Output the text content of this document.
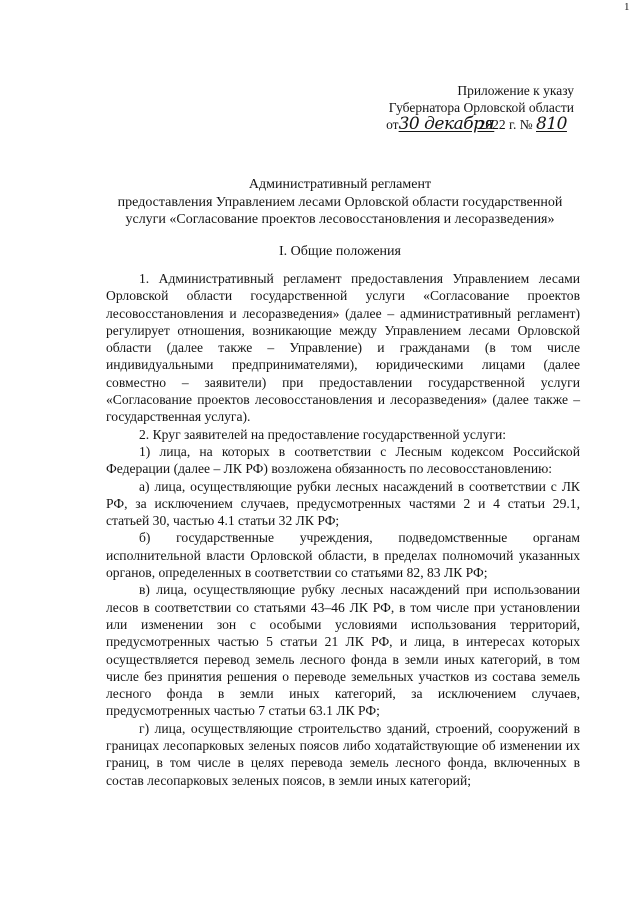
1
Приложение к указу
Губернатора Орловской области
от30 декабря2022 г. № 810
Административный регламент
предоставления Управлением лесами Орловской области государственной
услуги «Согласование проектов лесовосстановления и лесоразведения»
I. Общие положения

1. Административный регламент предоставления Управлением лесами Орловской области государственной услуги «Согласование проектов лесовосстановления и лесоразведения» (далее – административный регламент) регулирует отношения, возникающие между Управлением лесами Орловской области (далее также – Управление) и гражданами (в том числе индивидуальными предпринимателями), юридическими лицами (далее совместно – заявители) при предоставлении государственной услуги «Согласование проектов лесовосстановления и лесоразведения» (далее также – государственная услуга).

2. Круг заявителей на предоставление государственной услуги:

1) лица, на которых в соответствии с Лесным кодексом Российской Федерации (далее – ЛК РФ) возложена обязанность по лесовосстановлению:

а) лица, осуществляющие рубки лесных насаждений в соответствии с ЛК РФ, за исключением случаев, предусмотренных частями 2 и 4 статьи 29.1, статьей 30, частью 4.1 статьи 32 ЛК РФ;

б) государственные учреждения, подведомственные органам исполнительной власти Орловской области, в пределах полномочий указанных органов, определенных в соответствии со статьями 82, 83 ЛК РФ;

в) лица, осуществляющие рубку лесных насаждений при использовании лесов в соответствии со статьями 43–46 ЛК РФ, в том числе при установлении или изменении зон с особыми условиями использования территорий, предусмотренных частью 5 статьи 21 ЛК РФ, и лица, в интересах которых осуществляется перевод земель лесного фонда в земли иных категорий, в том числе без принятия решения о переводе земельных участков из состава земель лесного фонда в земли иных категорий, за исключением случаев, предусмотренных частью 7 статьи 63.1 ЛК РФ;

г) лица, осуществляющие строительство зданий, строений, сооружений в границах лесопарковых зеленых поясов либо ходатайствующие об изменении их границ, в том числе в целях перевода земель лесного фонда, включенных в состав лесопарковых зеленых поясов, в земли иных категорий;
